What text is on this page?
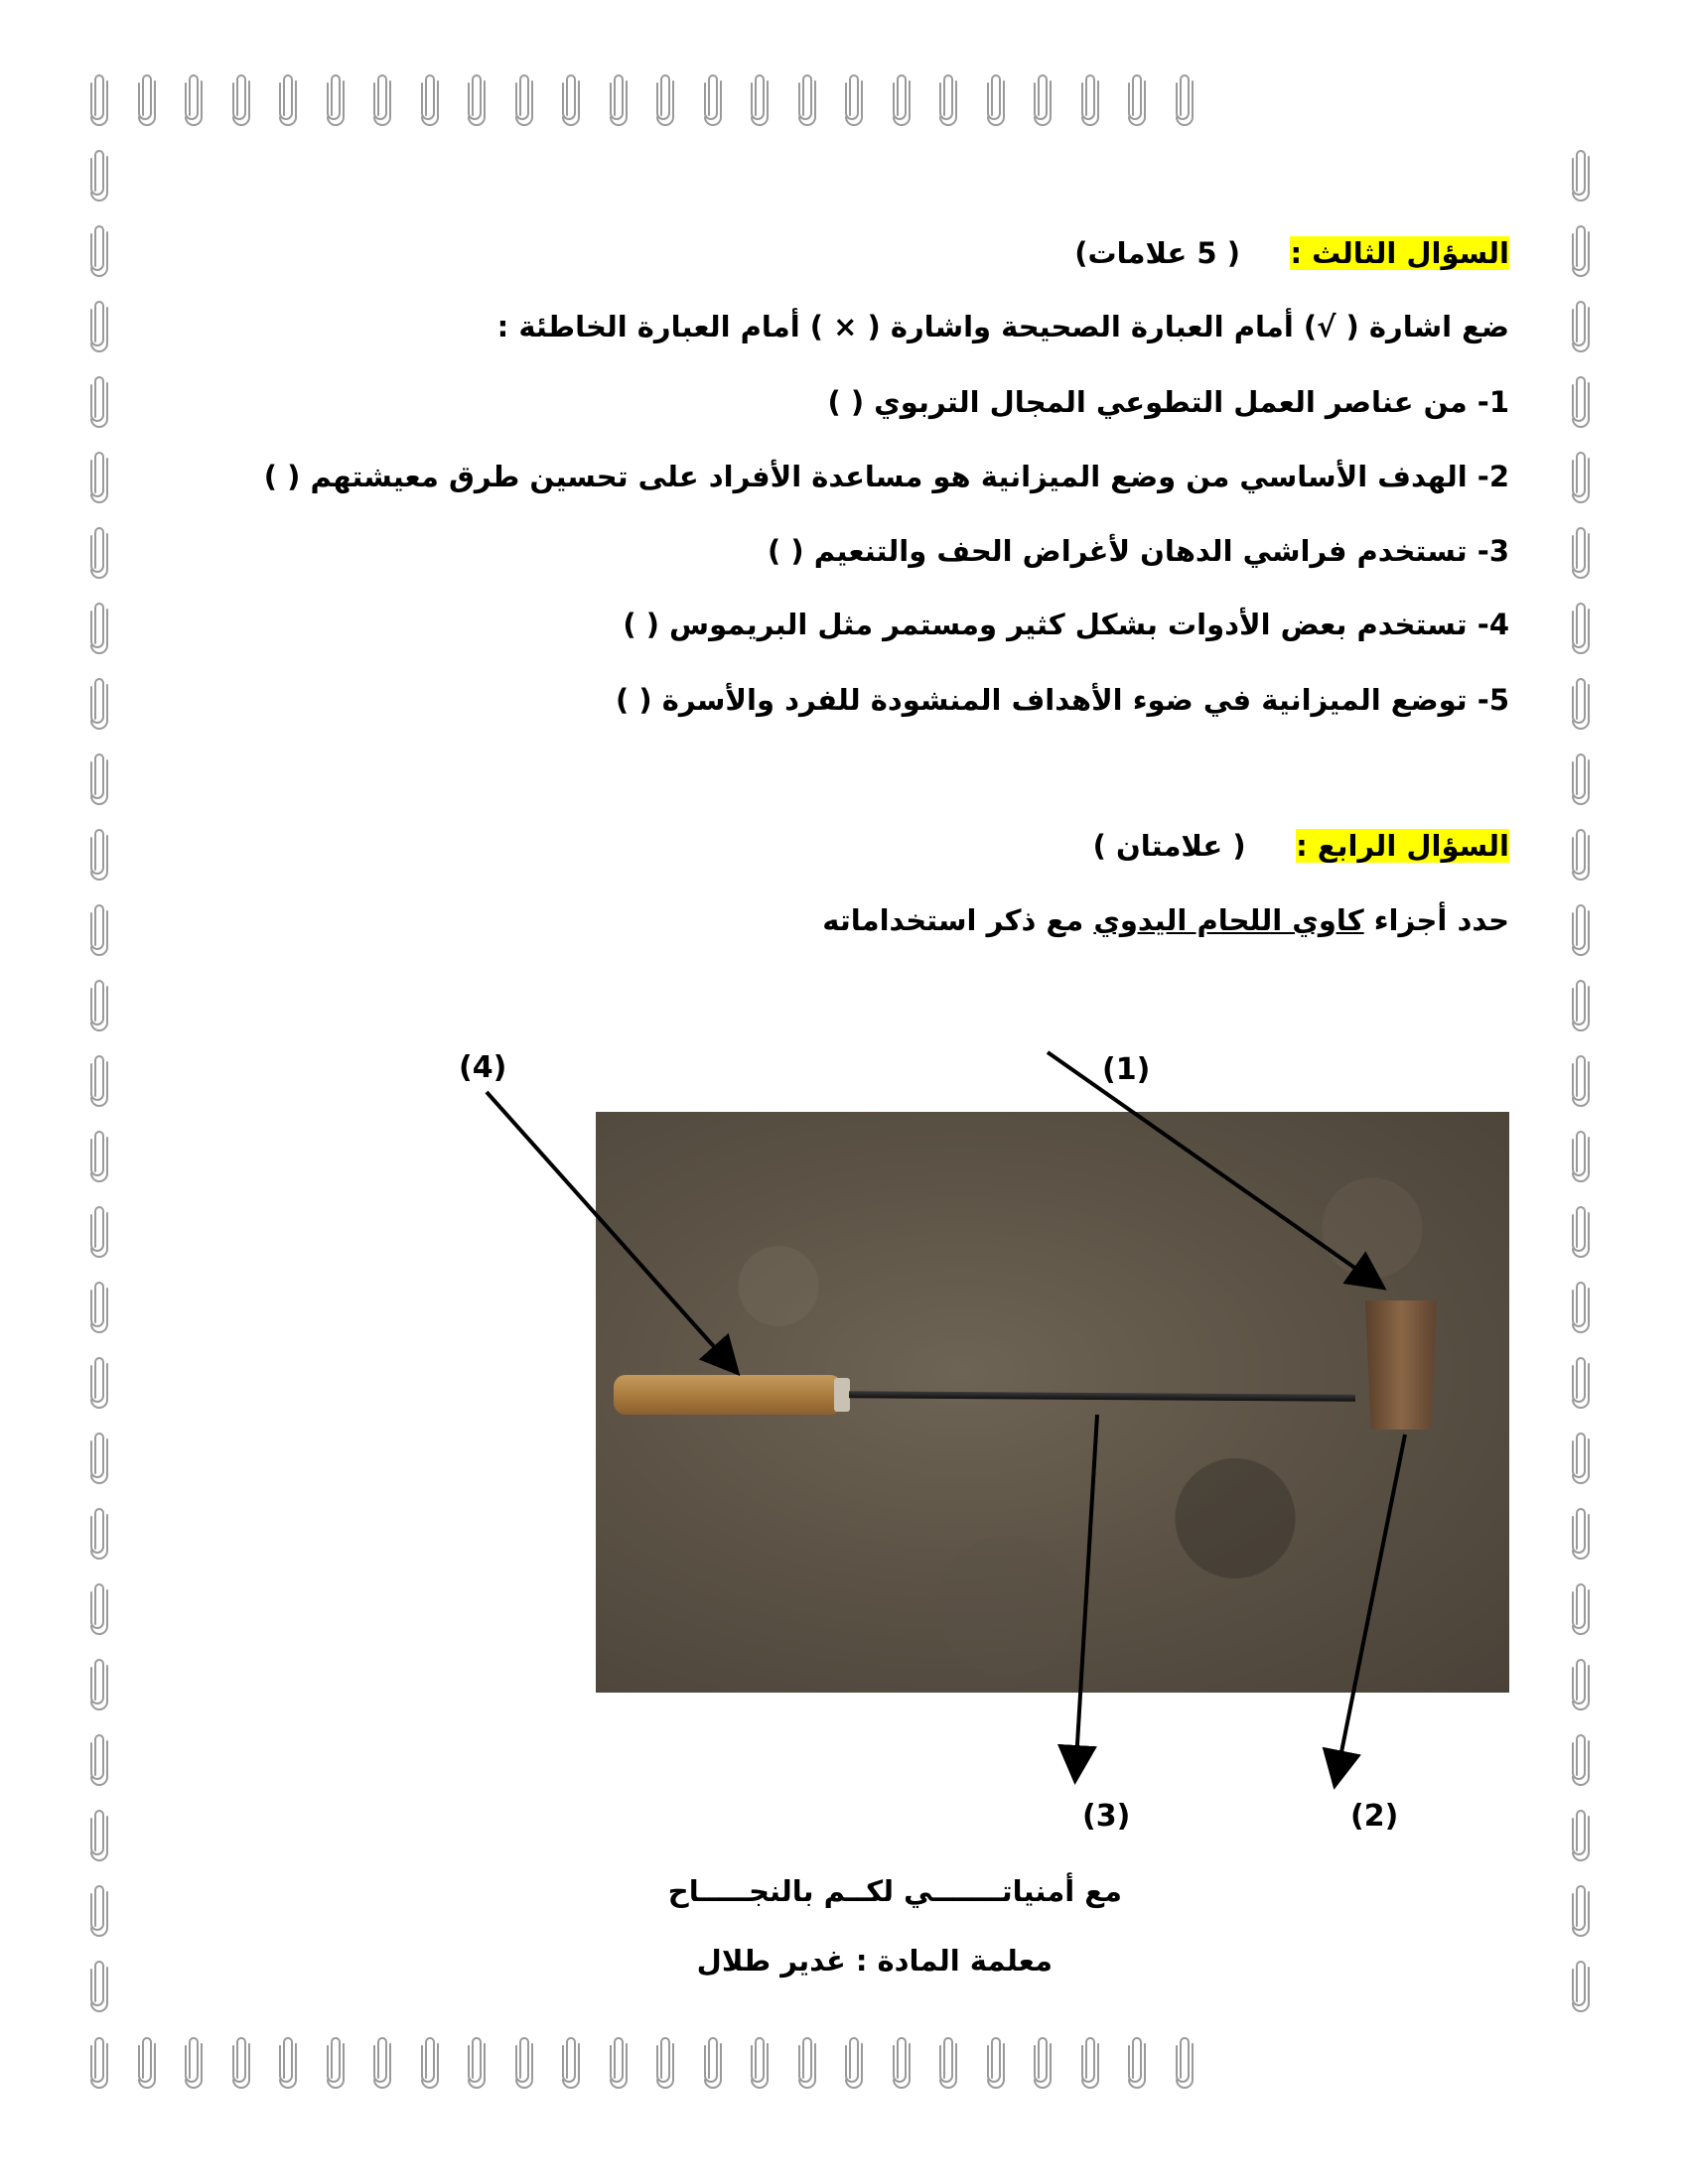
السؤال الثالث :     ( 5 علامات)
ضع اشارة ( √) أمام العبارة الصحيحة واشارة ( × ) أمام العبارة الخاطئة :
1- من عناصر العمل التطوعي المجال التربوي ( )
2- الهدف الأساسي من وضع الميزانية هو مساعدة الأفراد على تحسين طرق معيشتهم ( )
3- تستخدم فراشي الدهان لأغراض الحف والتنعيم ( )
4- تستخدم بعض الأدوات بشكل كثير ومستمر مثل البريموس ( )
5- توضع الميزانية في ضوء الأهداف المنشودة للفرد والأسرة ( )
السؤال الرابع :     ( علامتان )
حدد أجزاء كاوي اللحام اليدوي مع ذكر استخداماته
(1)
(2)
(3)
(4)
مع أمنياتـــــــي لكــم بالنجـــــاح
معلمة المادة : غدير طلال
